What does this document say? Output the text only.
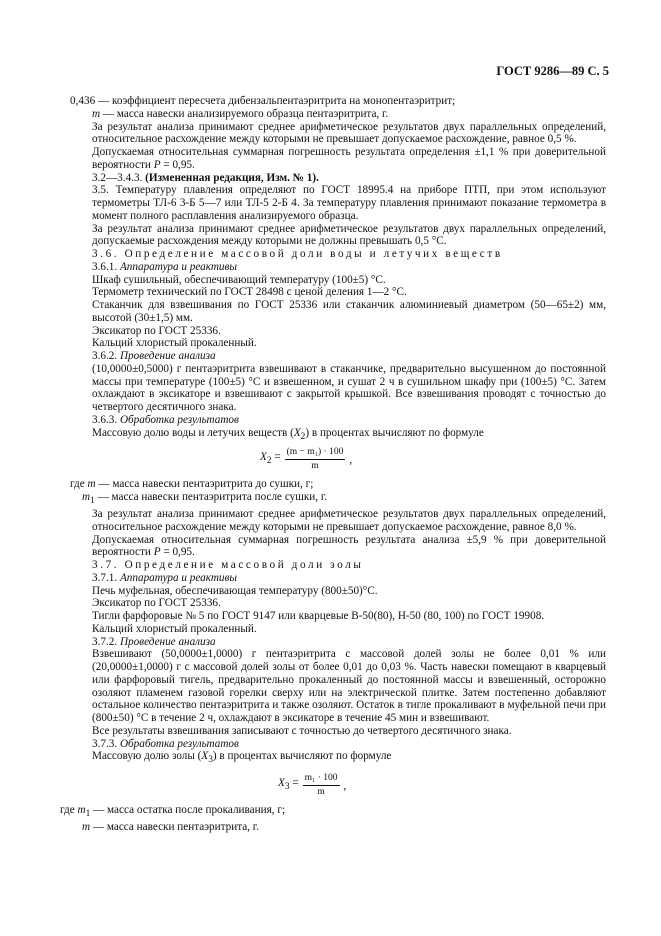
ГОСТ 9286—89 С. 5

0,436 — коэффициент пересчета дибензальпентаэритрита на монопентаэритрит;

m — масса навески анализируемого образца пентаэритрита, г.

За результат анализа принимают среднее арифметическое результатов двух параллельных определений, относительное расхождение между которыми не превышает допускаемое расхождение, равное 0,5 %.

Допускаемая относительная суммарная погрешность результата определения ±1,1 % при доверительной вероятности P = 0,95.

3.2—3.4.3. (Измененная редакция, Изм. № 1).

3.5. Температуру плавления определяют по ГОСТ 18995.4 на приборе ПТП, при этом используют термометры ТЛ-6 3-Б 5—7 или ТЛ-5 2-Б 4. За температуру плавления принимают показание термометра в момент полного расплавления анализируемого образца.

За результат анализа принимают среднее арифметическое результатов двух параллельных определений, допускаемые расхождения между которыми не должны превышать 0,5 °С.

3.6. Определение массовой доли воды и летучих веществ

3.6.1. Аппаратура и реактивы

Шкаф сушильный, обеспечивающий температуру (100±5) °С.

Термометр технический по ГОСТ 28498 с ценой деления 1—2 °С.

Стаканчик для взвешивания по ГОСТ 25336 или стаканчик алюминиевый диаметром (50—65±2) мм, высотой (30±1,5) мм.

Эксикатор по ГОСТ 25336.

Кальций хлористый прокаленный.

3.6.2. Проведение анализа

(10,0000±0,5000) г пентаэритрита взвешивают в стаканчике, предварительно высушенном до постоянной массы при температуре (100±5) °С и взвешенном, и сушат 2 ч в сушильном шкафу при (100±5) °С. Затем охлаждают в эксикаторе и взвешивают с закрытой крышкой. Все взвешивания проводят с точностью до четвертого десятичного знака.

3.6.3. Обработка результатов

Массовую долю воды и летучих веществ $(X_2)$ в процентах вычисляют по формуле

$X_2 = \frac{\text{(m − m₁) · 100}}{m}$ ,

где m — масса навески пентаэритрита до сушки, г;

$m_1$ — масса навески пентаэритрита после сушки, г.

За результат анализа принимают среднее арифметическое результатов двух параллельных определений, относительное расхождение между которыми не превышает допускаемое расхождение, равное 8,0 %.

Допускаемая относительная суммарная погрешность результата анализа ±5,9 % при доверительной вероятности P = 0,95.

3.7. Определение массовой доли золы

3.7.1. Аппаратура и реактивы

Печь муфельная, обеспечивающая температуру (800±50)°С.

Эксикатор по ГОСТ 25336.

Тигли фарфоровые № 5 по ГОСТ 9147 или кварцевые В-50(80), Н-50 (80, 100) по ГОСТ 19908.

Кальций хлористый прокаленный.

3.7.2. Проведение анализа

Взвешивают (50,0000±1,0000) г пентаэритрита с массовой долей золы не более 0,01 % или (20,0000±1,0000) г с массовой долей золы от более 0,01 до 0,03 %. Часть навески помещают в кварцевый или фарфоровый тигель, предварительно прокаленный до постоянной массы и взвешенный, осторожно озоляют пламенем газовой горелки сверху или на электрической плитке. Затем постепенно добавляют остальное количество пентаэритрита и также озоляют. Остаток в тигле прокаливают в муфельной печи при (800±50) °С в течение 2 ч, охлаждают в эксикаторе в течение 45 мин и взвешивают.

Все результаты взвешивания записывают с точностью до четвертого десятичного знака.

3.7.3. Обработка результатов

Массовую долю золы $(X_3)$ в процентах вычисляют по формуле

$X_3 = \frac{\text{m₁ · 100}}{m}$ ,

где $m_1$ — масса остатка после прокаливания, г;

m — масса навески пентаэритрита, г.
